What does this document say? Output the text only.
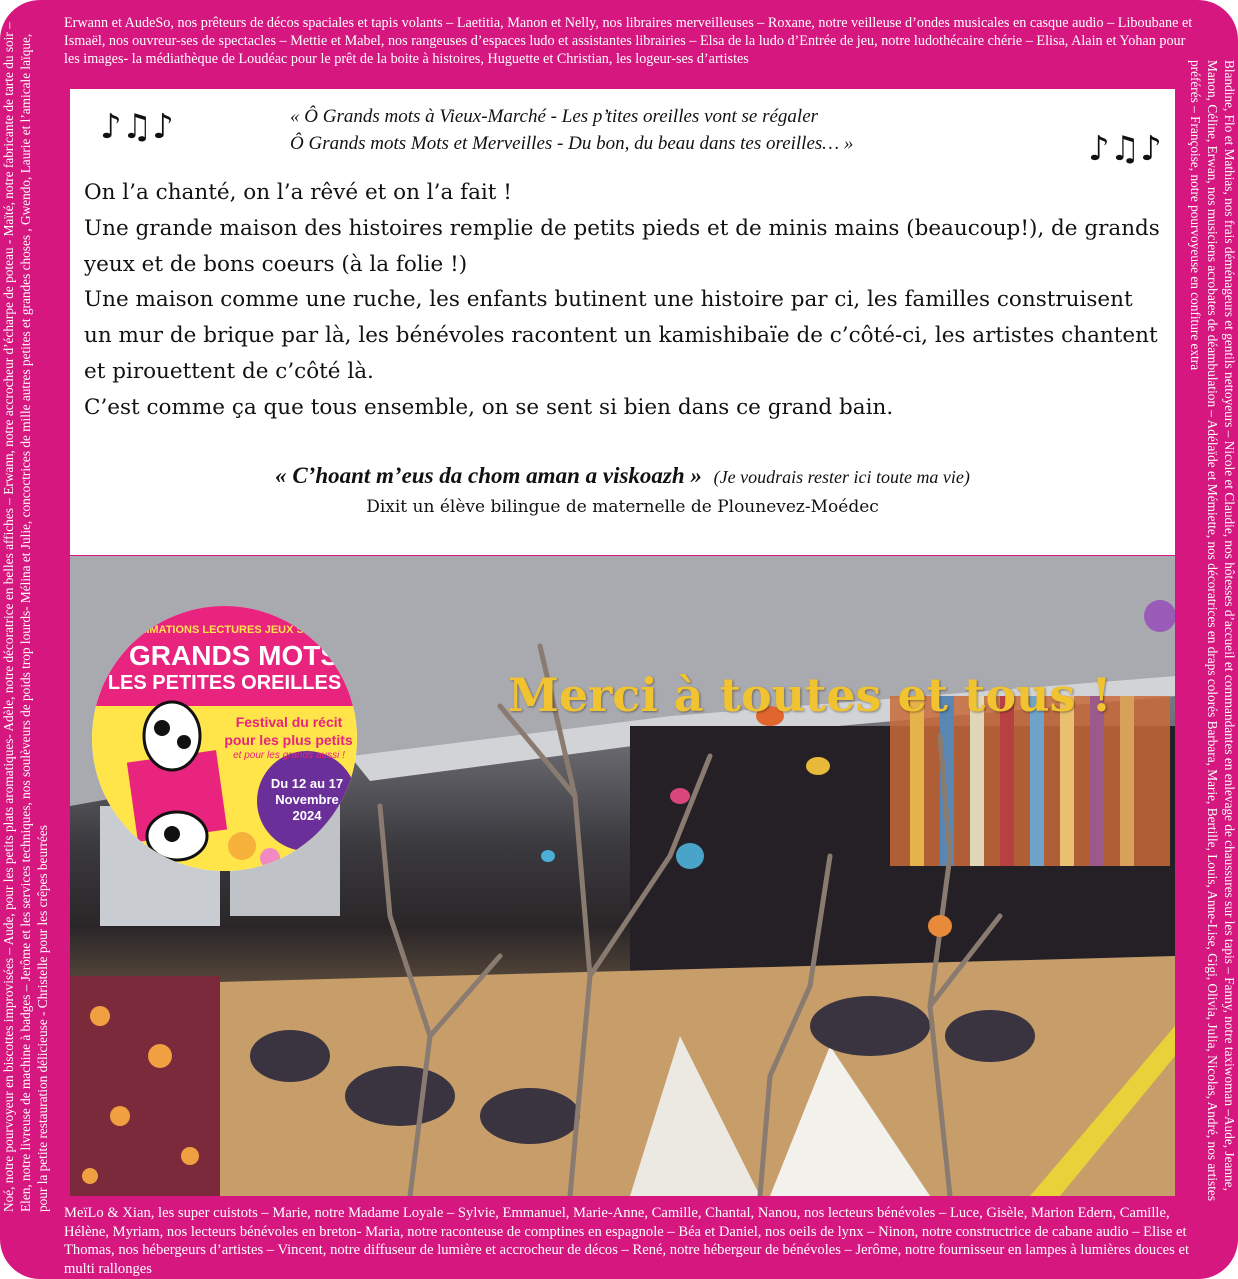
Erwann et AudeSo, nos prêteurs de décos spaciales et tapis volants – Laetitia, Manon et Nelly, nos libraires merveilleuses – Roxane, notre veilleuse d’ondes musicales en casque audio – Liboubane et Ismaël, nos ouvreur-ses de spectacles – Mettie et Mabel, nos rangeuses d’espaces ludo et assistantes librairies – Elsa de la ludo d’Entrée de jeu, notre ludothécaire chérie – Elisa, Alain et Yohan pour les images- la médiathèque de Loudéac pour le prêt de la boite à histoires, Huguette et Christian, les logeur-ses d’artistes
MeïLo & Xian, les super cuistots – Marie, notre Madame Loyale – Sylvie, Emmanuel, Marie-Anne, Camille, Chantal, Nanou, nos lecteurs bénévoles – Luce, Gisèle, Marion Edern, Camille, Hélène, Myriam, nos lecteurs bénévoles en breton- Maria, notre raconteuse de comptines en espagnole – Béa et Daniel, nos oeils de lynx – Ninon, notre constructrice de cabane audio – Elise et Thomas, nos hébergeurs d’artistes – Vincent, notre diffuseur de lumière et accrocheur de décos – René, notre hébergeur de bénévoles – Jerôme, notre fournisseur en lampes à lumières douces et multi rallonges
Noé, notre pourvoyeur en biscottes improvisées – Aude, pour les petits plats aromatiques- Adèle, notre décoratrice en belles affiches – Erwann, notre accrocheur d’écharpe de poteau - Maïté, notre fabricante de tarte du soir – Elen, notre livreuse de machine à badges – Jerôme et les services techniques, nos soulèveurs de poids trop lourds- Mélina et Julie, concoctrices de mille autres petites et grandes choses , Gwendo, Laurie et l’amicale laïque, pour la petite restauration délicieuse - Christelle pour les crêpes beurrées	Blandine, Flo et Mathias, nos frais déménageurs et gentils nettoyeurs – Nicole et Claudie, nos hôtesses d’accueil et commandantes en enlevage de chaussures sur les tapis – Fanny, notre taxiwoman –Aude, Jeanne, Manon, Céline, Erwan, nos musiciens acrobates de déambulation – Adélaïde et Mémiette, nos décoratrices en draps colorés Barbara, Marie, Bertille, Louis, Anne-Lise, Gigi, Olivia, Julia, Nicolas, André, nos artistes préférés – Françoise, notre pourvoyeuse en confiture extra
♪♫♪
♪♫♪
« Ô Grands mots à Vieux-Marché - Les p’tites oreilles vont se régaler
Ô Grands mots Mots et Merveilles - Du bon, du beau dans tes oreilles… »

On l’a chanté, on l’a rêvé et on l’a fait !

Une grande maison des histoires remplie de petits pieds et de minis mains (beaucoup!), de grands yeux et de bons coeurs (à la folie !)

Une maison comme une ruche, les enfants butinent une histoire par ci, les familles construisent un mur de brique par là, les bénévoles racontent un kamishibaïe de c’côté-ci, les artistes chantent et pirouettent de c’côté là.

C’est comme ça que tous ensemble, on se sent si bien dans ce grand bain.

« C’hoant m’eus da chom aman a viskoazh » (Je voudrais rester ici toute ma vie)
Dixit un élève bilingue de maternelle de Plounevez-Moédec
ANIMATIONS LECTURES JEUX SPE
GRANDS MOTS
LES PETITES OREILLES
Festival du récit
pour les plus petits
et pour les grands aussi !
Du 12 au 17
Novembre
2024
Merci à toutes et tous !
